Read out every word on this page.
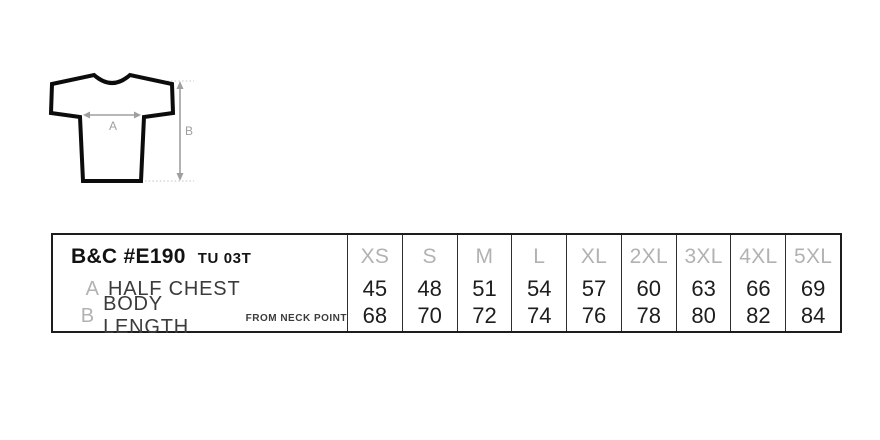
A	B
B&C #E190 TU 03T
A HALF CHEST
B
BODY LENGTH	FROM NECK POINT
XS
45
68
S
48
70
M
51
72
L
54
74
XL
57
76
2XL
60
78
3XL
63
80
4XL
66
82
5XL
69
84
